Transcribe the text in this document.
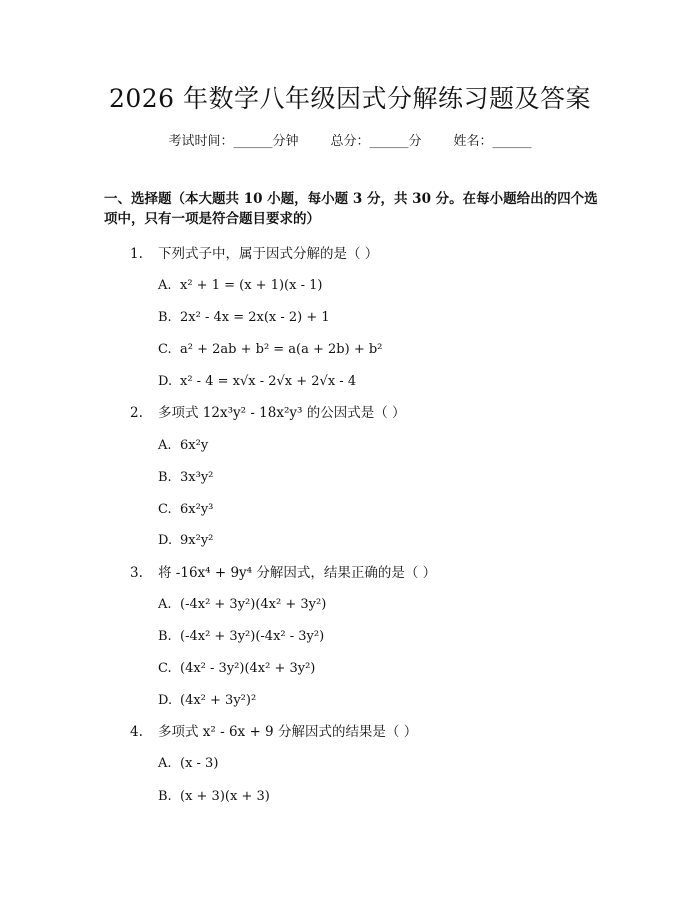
2026 年数学八年级因式分解练习题及答案
考试时间：______分钟 总分：______分 姓名：______
一、选择题（本大题共 10 小题，每小题 3 分，共 30 分。在每小题给出的四个选
项中，只有一项是符合题目要求的）
1. 下列式子中，属于因式分解的是（ ）
A. x² + 1 = (x + 1)(x - 1)
B. 2x² - 4x = 2x(x - 2) + 1
C. a² + 2ab + b² = a(a + 2b) + b²
D. x² - 4 = x√x - 2√x + 2√x - 4
2. 多项式 12x³y² - 18x²y³ 的公因式是（ ）
A. 6x²y
B. 3x³y²
C. 6x²y³
D. 9x²y²
3. 将 -16x⁴ + 9y⁴ 分解因式，结果正确的是（ ）
A. (-4x² + 3y²)(4x² + 3y²)
B. (-4x² + 3y²)(-4x² - 3y²)
C. (4x² - 3y²)(4x² + 3y²)
D. (4x² + 3y²)²
4. 多项式 x² - 6x + 9 分解因式的结果是（ ）
A. (x - 3)
B. (x + 3)(x + 3)
